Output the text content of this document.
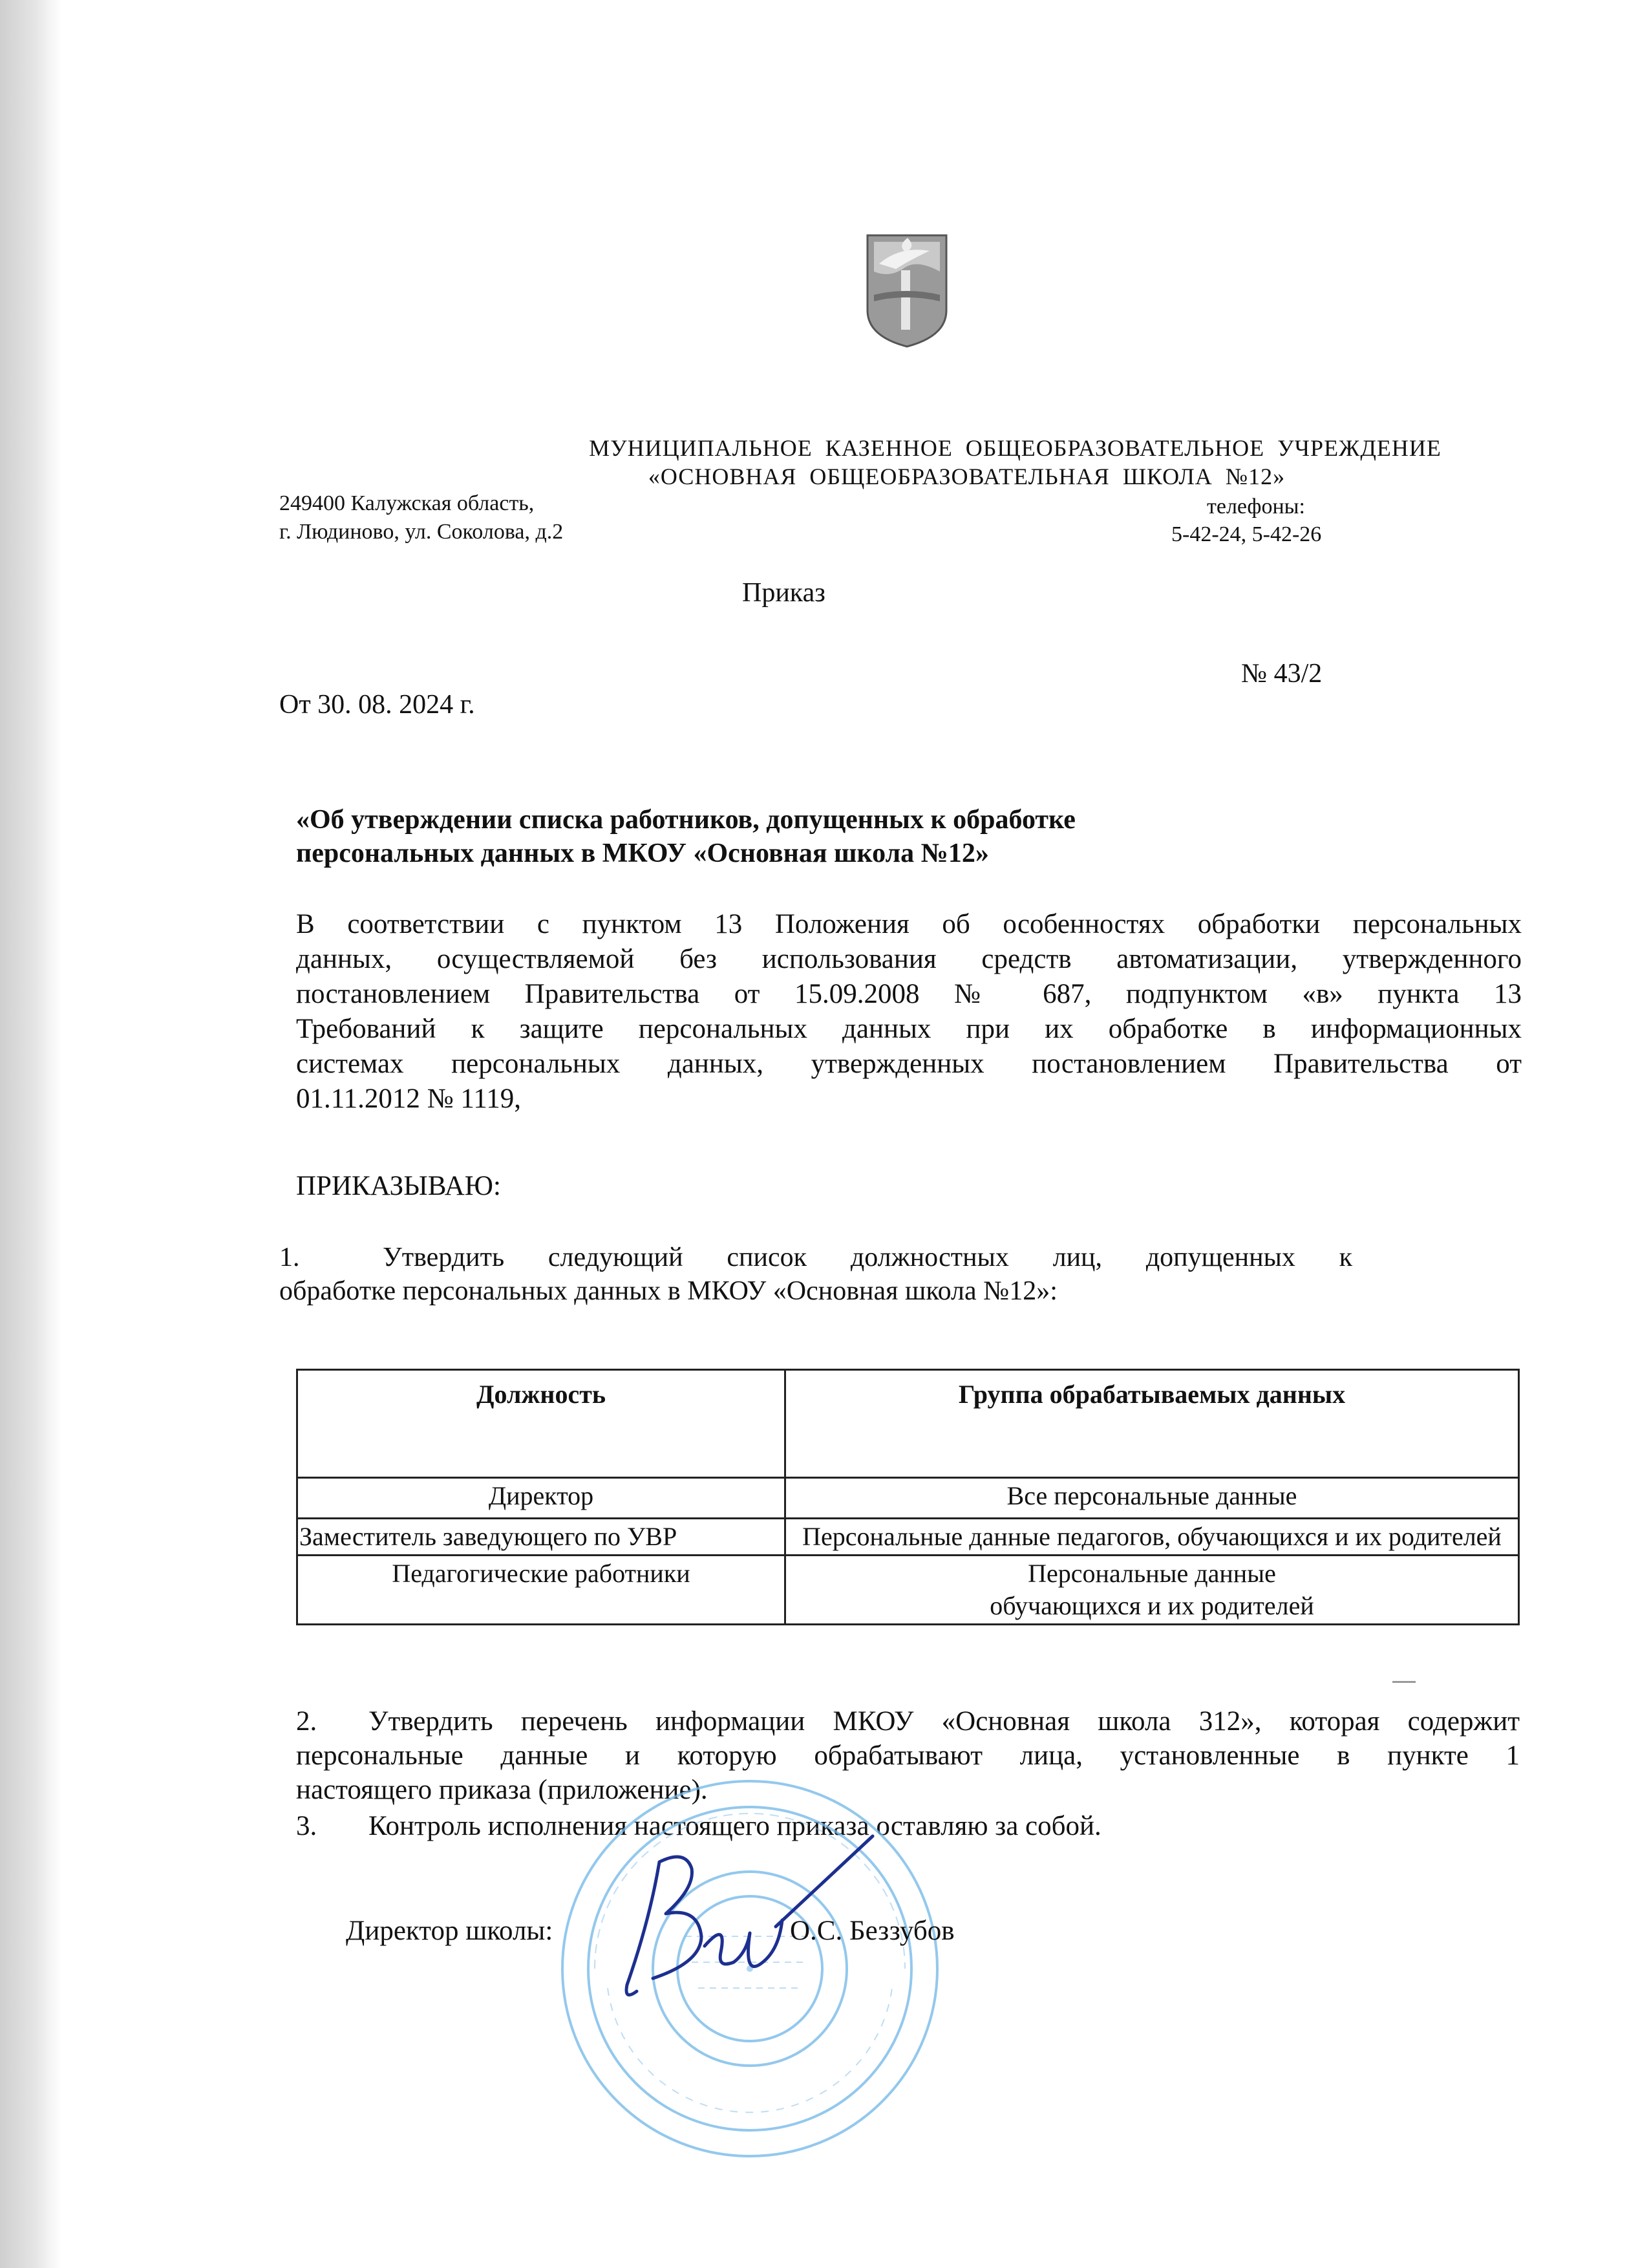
МУНИЦИПАЛЬНОЕ КАЗЕННОЕ ОБЩЕОБРАЗОВАТЕЛЬНОЕ УЧРЕЖДЕНИЕ
«ОСНОВНАЯ ОБЩЕОБРАЗОВАТЕЛЬНАЯ ШКОЛА №12»
249400 Калужская область,
г. Людиново, ул. Соколова, д.2
телефоны:
5-42-24, 5-42-26
Приказ
№ 43/2
От 30. 08. 2024 г.
«Об утверждении списка работников, допущенных к обработке
персональных данных в МКОУ «Основная школа №12»
В соответствии с пунктом 13 Положения об особенностях обработки персональных
данных, осуществляемой без использования средств автоматизации, утвержденного
постановлением Правительства от 15.09.2008 № 687, подпунктом «в» пункта 13
Требований к защите персональных данных при их обработке в информационных
системах персональных данных, утвержденных постановлением Правительства от
01.11.2012 № 1119,
ПРИКАЗЫВАЮ:
1.	Утвердить следующий список должностных лиц, допущенных к
обработке персональных данных в МКОУ «Основная школа №12»:
Должность	Группа обрабатываемых данных
Директор	Все персональные данные
Заместитель заведующего по УВР	Персональные данные педагогов, обучающихся и их родителей
Педагогические работники	Персональные данные
обучающихся и их родителей
2. Утвердить перечень информации МКОУ «Основная школа 312», которая содержит
персональные данные и которую обрабатывают лица, установленные в пункте 1
настоящего приказа (приложение).
3. Контроль исполнения настоящего приказа оставляю за собой.
Директор школы:	О.С. Беззубов
